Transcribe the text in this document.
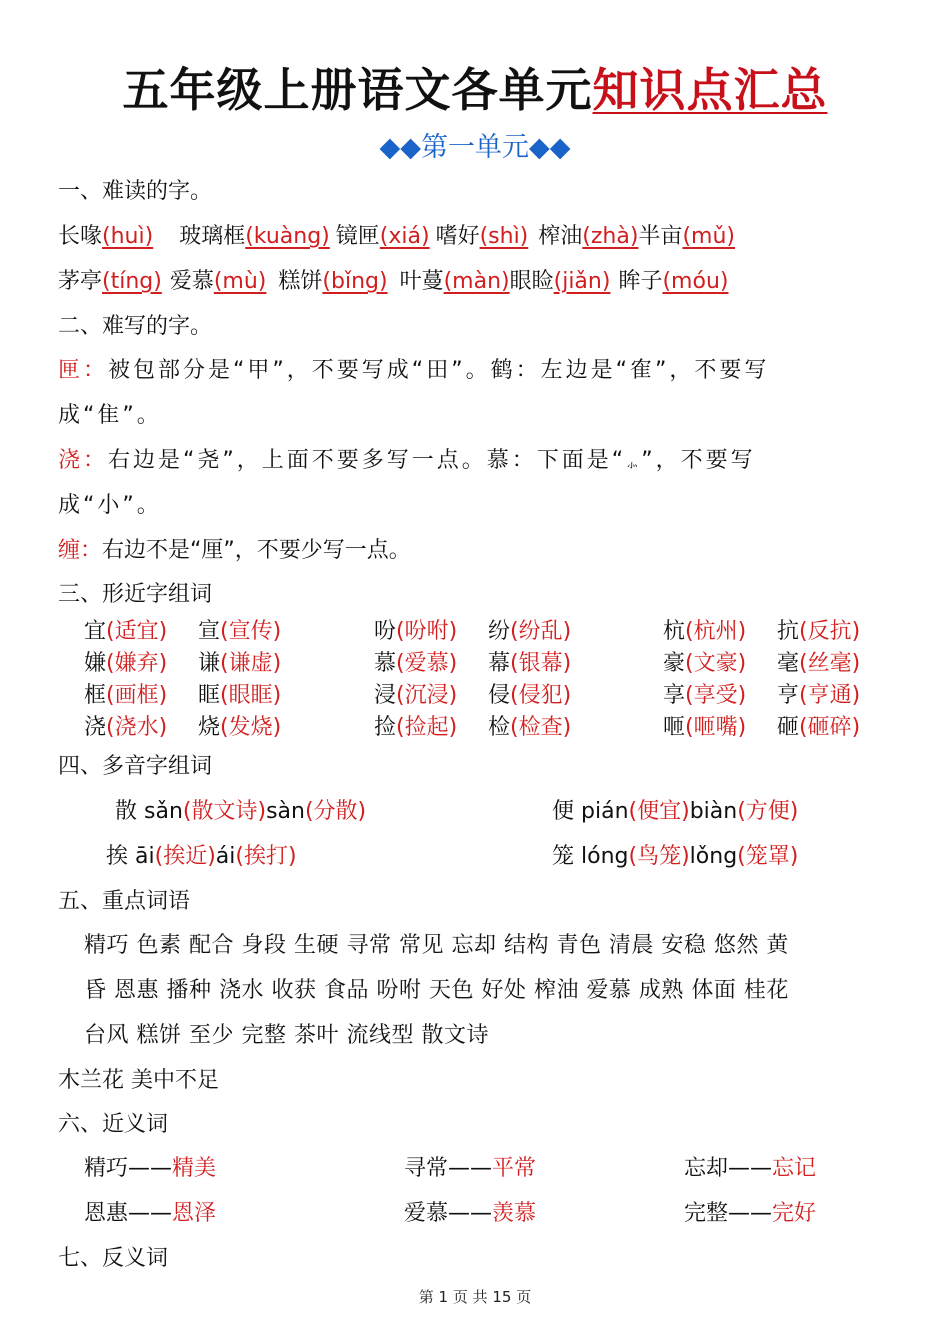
五年级上册语文各单元知识点汇总
◆◆第一单元◆◆
一、难读的字。
长喙(huì) 玻璃框(kuàng) 镜匣(xiá) 嗜好(shì) 榨油(zhà)半亩(mǔ)
茅亭(tíng) 爱慕(mù) 糕饼(bǐng) 叶蔓(màn)眼睑(jiǎn) 眸子(móu)
二、难写的字。
匣：被包部分是“甲”，不要写成“田”。鹤：左边是“隺”，不要写
成“隹”。
浇：右边是“尧”，上面不要多写一点。慕：下面是“⺗”，不要写
成“小”。
缠：右边不是“厘”，不要少写一点。
三、形近字组词
宜(适宜) 宣(宣传)	吩(吩咐) 纷(纷乱)	杭(杭州) 抗(反抗)
嫌(嫌弃) 谦(谦虚)	慕(爱慕) 幕(银幕)	豪(文豪) 毫(丝毫)
框(画框) 眶(眼眶)	浸(沉浸) 侵(侵犯)	享(享受) 亨(亨通)
浇(浇水) 烧(发烧)	捡(捡起) 检(检查)	咂(咂嘴) 砸(砸碎)
四、多音字组词
散 sǎn(散文诗)sàn(分散)	便 pián(便宜)biàn(方便)
挨 āi(挨近)ái(挨打)	笼 lóng(鸟笼)lǒng(笼罩)
五、重点词语
精巧 色素 配合 身段 生硬 寻常 常见 忘却 结构 青色 清晨 安稳 悠然 黄
昏 恩惠 播种 浇水 收获 食品 吩咐 天色 好处 榨油 爱慕 成熟 体面 桂花
台风 糕饼 至少 完整 茶叶 流线型 散文诗
木兰花 美中不足
六、近义词
精巧——精美	寻常——平常	忘却——忘记
恩惠——恩泽	爱慕——羡慕	完整——完好
七、反义词
第 1 页 共 15 页
